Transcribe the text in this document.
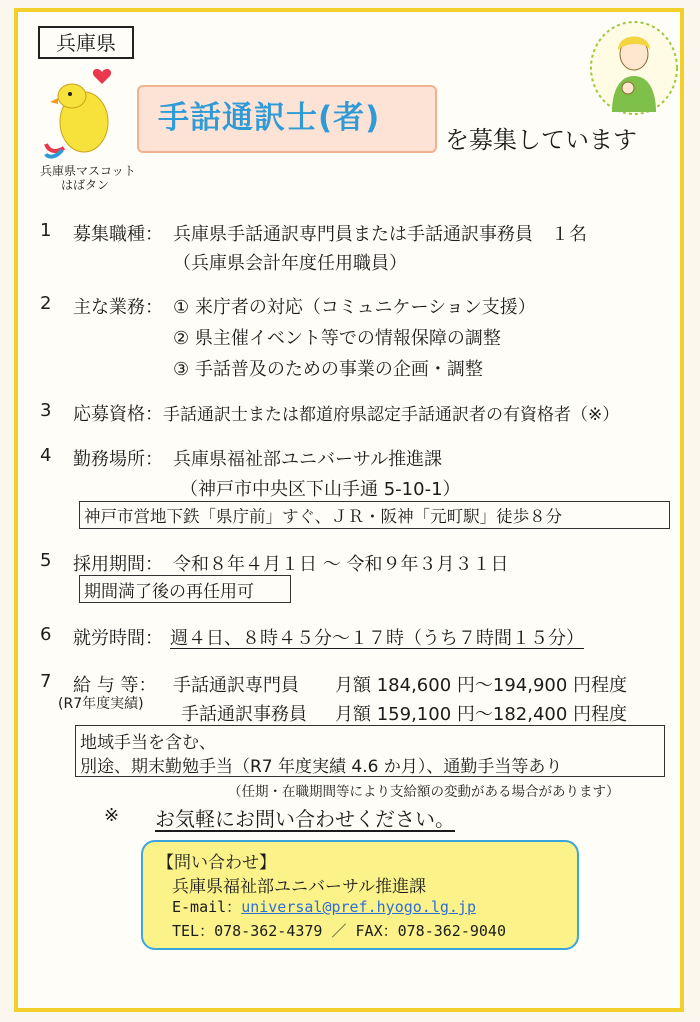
兵庫県
兵庫県マスコット
はばタン
手話通訳士(者)
を募集しています
1 募集職種： 兵庫県手話通訳専門員または手話通訳事務員　１名
（兵庫県会計年度任用職員）
2 主な業務： ① 来庁者の対応（コミュニケーション支援）
② 県主催イベント等での情報保障の調整
③ 手話普及のための事業の企画・調整
3 応募資格： 手話通訳士または都道府県認定手話通訳者の有資格者（※）
4 勤務場所： 兵庫県福祉部ユニバーサル推進課
（神戸市中央区下山手通 5-10-1）
神戸市営地下鉄「県庁前」すぐ、ＪＲ・阪神「元町駅」徒歩８分
5 採用期間： 令和８年４月１日 ～ 令和９年３月３１日
期間満了後の再任用可
6 就労時間： 週４日、８時４５分～１７時（うち７時間１５分）
7 給 与 等：
(R7年度実績)
手話通訳専門員 月額 184,600 円～194,900 円程度
手話通訳事務員 月額 159,100 円～182,400 円程度
地域手当を含む、
別途、期末勤勉手当（R7 年度実績 4.6 か月）、通勤手当等あり
（任期・在職期間等により支給額の変動がある場合があります）
※ お気軽にお問い合わせください。
【問い合わせ】
兵庫県福祉部ユニバーサル推進課
E-mail：universal@pref.hyogo.lg.jp
TEL：078-362-4379 ／ FAX：078-362-9040
